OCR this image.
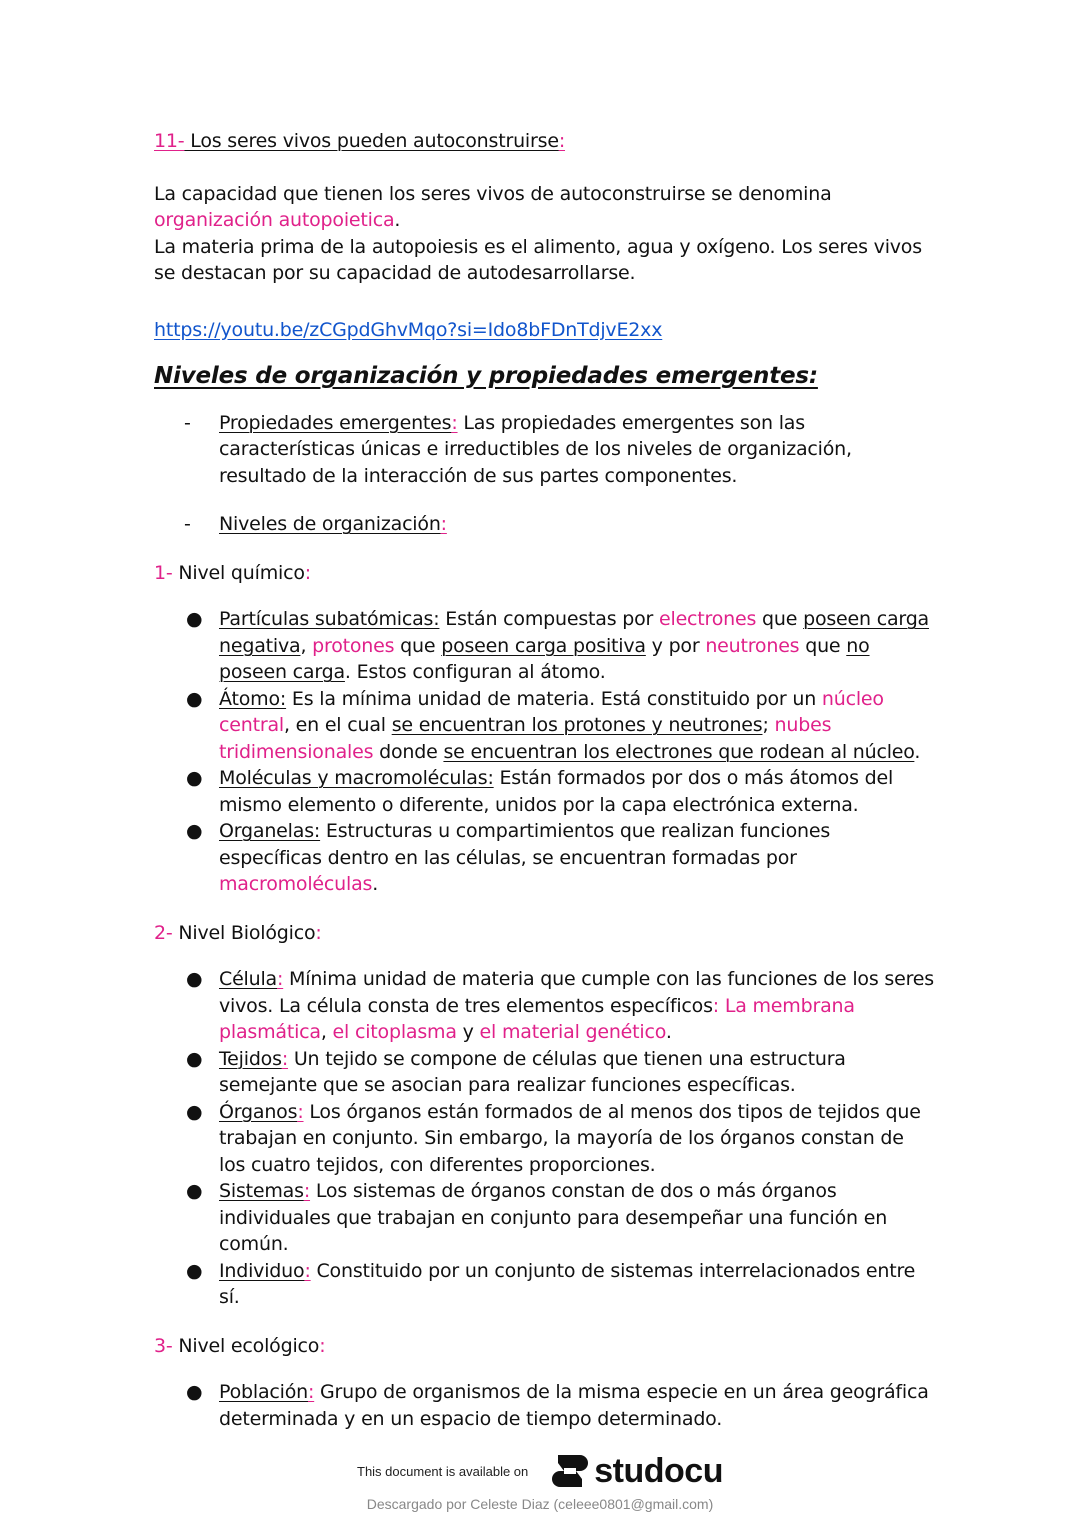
11- Los seres vivos pueden autoconstruirse:
La capacidad que tienen los seres vivos de autoconstruirse se denomina organización autopoietica.
La materia prima de la autopoiesis es el alimento, agua y oxígeno. Los seres vivos se destacan por su capacidad de autodesarrollarse.
https://youtu.be/zCGpdGhvMqo?si=Ido8bFDnTdjvE2xx
Niveles de organización y propiedades emergentes:
- Propiedades emergentes: Las propiedades emergentes son las características únicas e irreductibles de los niveles de organización, resultado de la interacción de sus partes componentes.
- Niveles de organización:
1- Nivel químico:
● Partículas subatómicas: Están compuestas por electrones que poseen carga negativa, protones que poseen carga positiva y por neutrones que no poseen carga. Estos configuran al átomo.
● Átomo: Es la mínima unidad de materia. Está constituido por un núcleo central, en el cual se encuentran los protones y neutrones; nubes tridimensionales donde se encuentran los electrones que rodean al núcleo.
● Moléculas y macromoléculas: Están formados por dos o más átomos del mismo elemento o diferente, unidos por la capa electrónica externa.
● Organelas: Estructuras u compartimientos que realizan funciones específicas dentro en las células, se encuentran formadas por macromoléculas.
2- Nivel Biológico:
● Célula: Mínima unidad de materia que cumple con las funciones de los seres vivos. La célula consta de tres elementos específicos: La membrana plasmática, el citoplasma y el material genético.
● Tejidos: Un tejido se compone de células que tienen una estructura semejante que se asocian para realizar funciones específicas.
● Órganos: Los órganos están formados de al menos dos tipos de tejidos que trabajan en conjunto. Sin embargo, la mayoría de los órganos constan de los cuatro tejidos, con diferentes proporciones.
● Sistemas: Los sistemas de órganos constan de dos o más órganos individuales que trabajan en conjunto para desempeñar una función en común.
● Individuo: Constituido por un conjunto de sistemas interrelacionados entre sí.
3- Nivel ecológico:
● Población: Grupo de organismos de la misma especie en un área geográfica determinada y en un espacio de tiempo determinado.
This document is available on studocu
Descargado por Celeste Diaz (celeee0801@gmail.com)
